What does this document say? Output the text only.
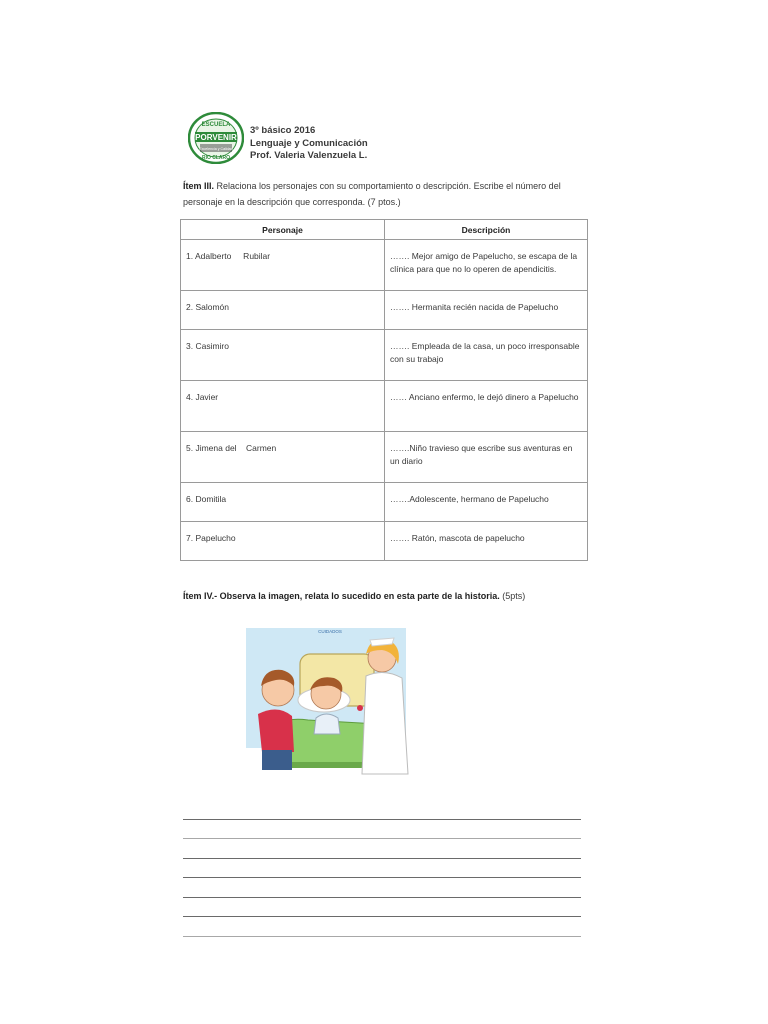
ESCUELA
PORVENIR
Excelencia y Calidad
RIO CLARO
3º básico 2016
Lenguaje y Comunicación
Prof. Valeria Valenzuela L.
Ítem III. Relaciona los personajes con su comportamiento o descripción. Escribe el número del personaje en la descripción que corresponda. (7 ptos.)
Personaje	Descripción
1. Adalberto     Rubilar	……. Mejor amigo de Papelucho, se escapa de la clínica para que no lo operen de apendicitis.
2. Salomón	……. Hermanita recién nacida de Papelucho
3. Casimiro	……. Empleada de la casa, un poco irresponsable con su trabajo
4. Javier	…… Anciano enfermo, le dejó dinero a Papelucho
5. Jimena del    Carmen	…….Niño travieso que escribe sus aventuras en un diario
6. Domitila	…….Adolescente, hermano de Papelucho
7. Papelucho	……. Ratón, mascota de papelucho
Ítem IV.- Observa la imagen, relata lo sucedido en esta parte de la historia. (5pts)
CUIDADOS
